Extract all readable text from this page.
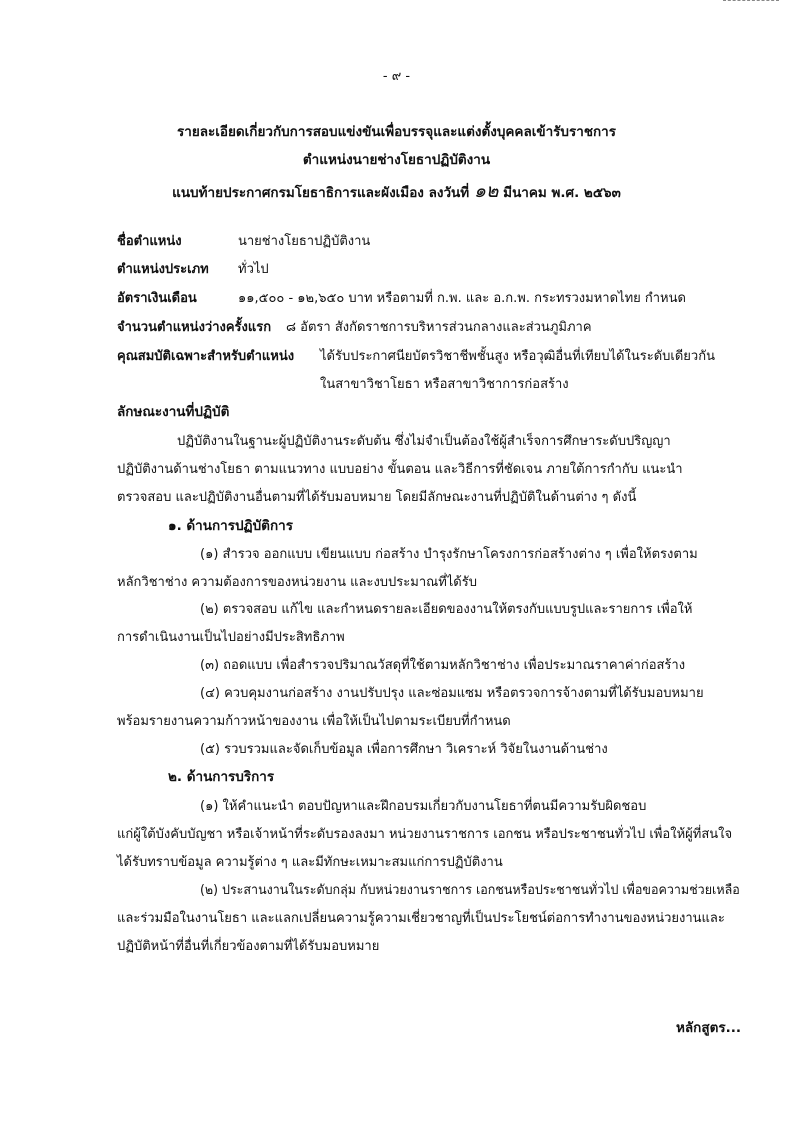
- ๙ -
รายละเอียดเกี่ยวกับการสอบแข่งขันเพื่อบรรจุและแต่งตั้งบุคคลเข้ารับราชการ
ตำแหน่งนายช่างโยธาปฏิบัติงาน
แนบท้ายประกาศกรมโยธาธิการและผังเมือง ลงวันที่ ๑๒ มีนาคม พ.ศ. ๒๕๖๓
ชื่อตำแหน่ง	นายช่างโยธาปฏิบัติงาน
ตำแหน่งประเภท ทั่วไป
อัตราเงินเดือน	๑๑,๕๐๐ - ๑๒,๖๕๐ บาท หรือตามที่ ก.พ. และ อ.ก.พ. กระทรวงมหาดไทย กำหนด
จำนวนตำแหน่งว่างครั้งแรก ๘ อัตรา สังกัดราชการบริหารส่วนกลางและส่วนภูมิภาค
คุณสมบัติเฉพาะสำหรับตำแหน่ง ได้รับประกาศนียบัตรวิชาชีพชั้นสูง หรือวุฒิอื่นที่เทียบได้ในระดับเดียวกัน
ในสาขาวิชาโยธา หรือสาขาวิชาการก่อสร้าง
ลักษณะงานที่ปฏิบัติ
ปฏิบัติงานในฐานะผู้ปฏิบัติงานระดับต้น ซึ่งไม่จำเป็นต้องใช้ผู้สำเร็จการศึกษาระดับปริญญา
ปฏิบัติงานด้านช่างโยธา ตามแนวทาง แบบอย่าง ขั้นตอน และวิธีการที่ชัดเจน ภายใต้การกำกับ แนะนำ
ตรวจสอบ และปฏิบัติงานอื่นตามที่ได้รับมอบหมาย โดยมีลักษณะงานที่ปฏิบัติในด้านต่าง ๆ ดังนี้
๑. ด้านการปฏิบัติการ
(๑) สำรวจ ออกแบบ เขียนแบบ ก่อสร้าง บำรุงรักษาโครงการก่อสร้างต่าง ๆ เพื่อให้ตรงตาม
หลักวิชาช่าง ความต้องการของหน่วยงาน และงบประมาณที่ได้รับ
(๒) ตรวจสอบ แก้ไข และกำหนดรายละเอียดของงานให้ตรงกับแบบรูปและรายการ เพื่อให้
การดำเนินงานเป็นไปอย่างมีประสิทธิภาพ
(๓) ถอดแบบ เพื่อสำรวจปริมาณวัสดุที่ใช้ตามหลักวิชาช่าง เพื่อประมาณราคาค่าก่อสร้าง
(๔) ควบคุมงานก่อสร้าง งานปรับปรุง และซ่อมแซม หรือตรวจการจ้างตามที่ได้รับมอบหมาย
พร้อมรายงานความก้าวหน้าของงาน เพื่อให้เป็นไปตามระเบียบที่กำหนด
(๕) รวบรวมและจัดเก็บข้อมูล เพื่อการศึกษา วิเคราะห์ วิจัยในงานด้านช่าง
๒. ด้านการบริการ
(๑) ให้คำแนะนำ ตอบปัญหาและฝึกอบรมเกี่ยวกับงานโยธาที่ตนมีความรับผิดชอบ
แก่ผู้ใต้บังคับบัญชา หรือเจ้าหน้าที่ระดับรองลงมา หน่วยงานราชการ เอกชน หรือประชาชนทั่วไป เพื่อให้ผู้ที่สนใจ
ได้รับทราบข้อมูล ความรู้ต่าง ๆ และมีทักษะเหมาะสมแก่การปฏิบัติงาน
(๒) ประสานงานในระดับกลุ่ม กับหน่วยงานราชการ เอกชนหรือประชาชนทั่วไป เพื่อขอความช่วยเหลือ
และร่วมมือในงานโยธา และแลกเปลี่ยนความรู้ความเชี่ยวชาญที่เป็นประโยชน์ต่อการทำงานของหน่วยงานและ
ปฏิบัติหน้าที่อื่นที่เกี่ยวข้องตามที่ได้รับมอบหมาย
หลักสูตร...
